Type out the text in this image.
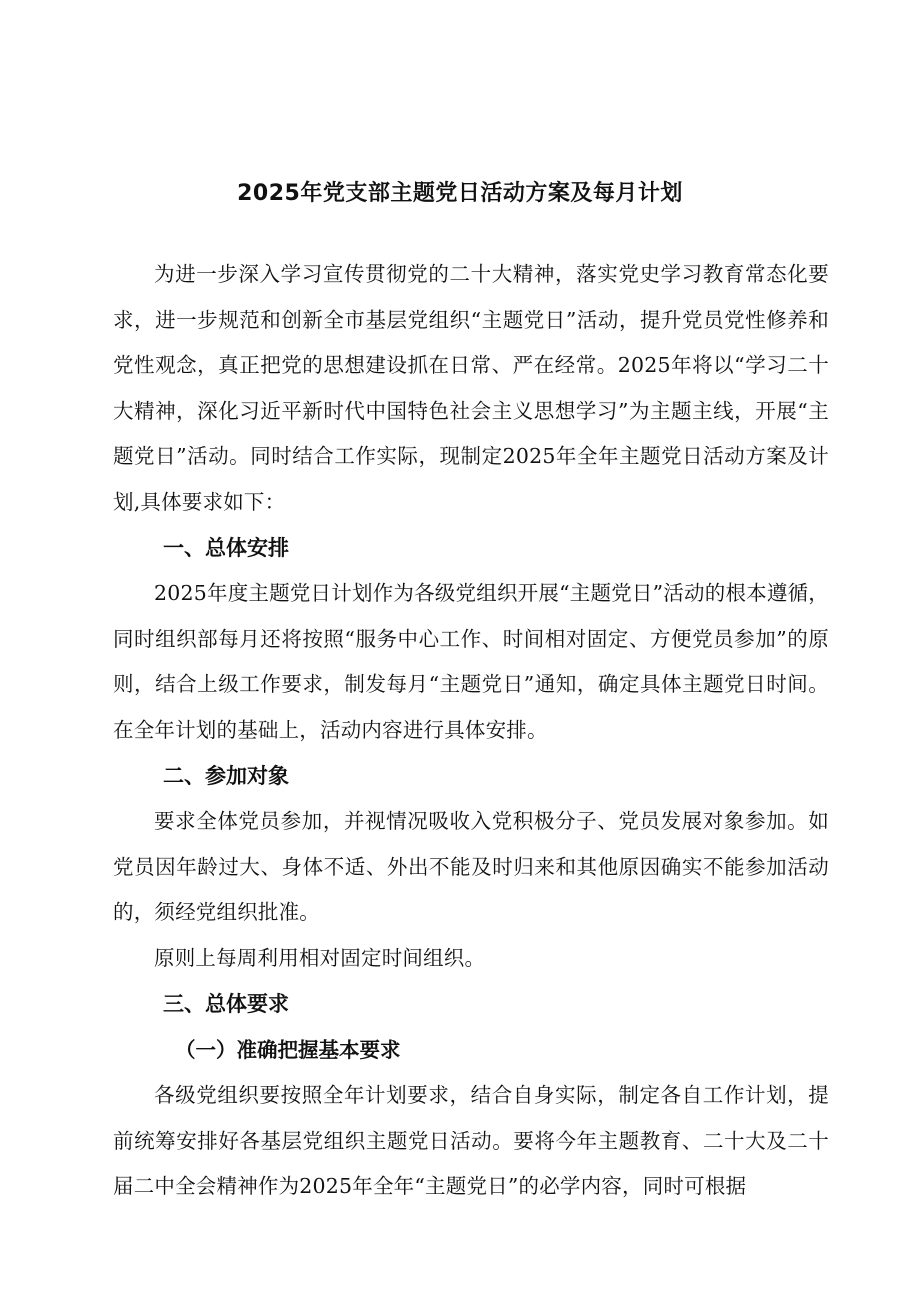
2025年党支部主题党日活动方案及每月计划

为进一步深入学习宣传贯彻党的二十大精神，落实党史学习教育常态化要求，进一步规范和创新全市基层党组织“主题党日”活动，提升党员党性修养和党性观念，真正把党的思想建设抓在日常、严在经常。2025年将以“学习二十大精神，深化习近平新时代中国特色社会主义思想学习”为主题主线，开展“主题党日”活动。同时结合工作实际，现制定2025年全年主题党日活动方案及计划,具体要求如下：

一、总体安排

2025年度主题党日计划作为各级党组织开展“主题党日”活动的根本遵循，同时组织部每月还将按照“服务中心工作、时间相对固定、方便党员参加”的原则，结合上级工作要求，制发每月“主题党日”通知，确定具体主题党日时间。在全年计划的基础上，活动内容进行具体安排。

二、参加对象

要求全体党员参加，并视情况吸收入党积极分子、党员发展对象参加。如党员因年龄过大、身体不适、外出不能及时归来和其他原因确实不能参加活动的，须经党组织批准。

原则上每周利用相对固定时间组织。

三、总体要求
（一）准确把握基本要求

各级党组织要按照全年计划要求，结合自身实际，制定各自工作计划，提前统筹安排好各基层党组织主题党日活动。要将今年主题教育、二十大及二十届二中全会精神作为2025年全年“主题党日”的必学内容，同时可根据
